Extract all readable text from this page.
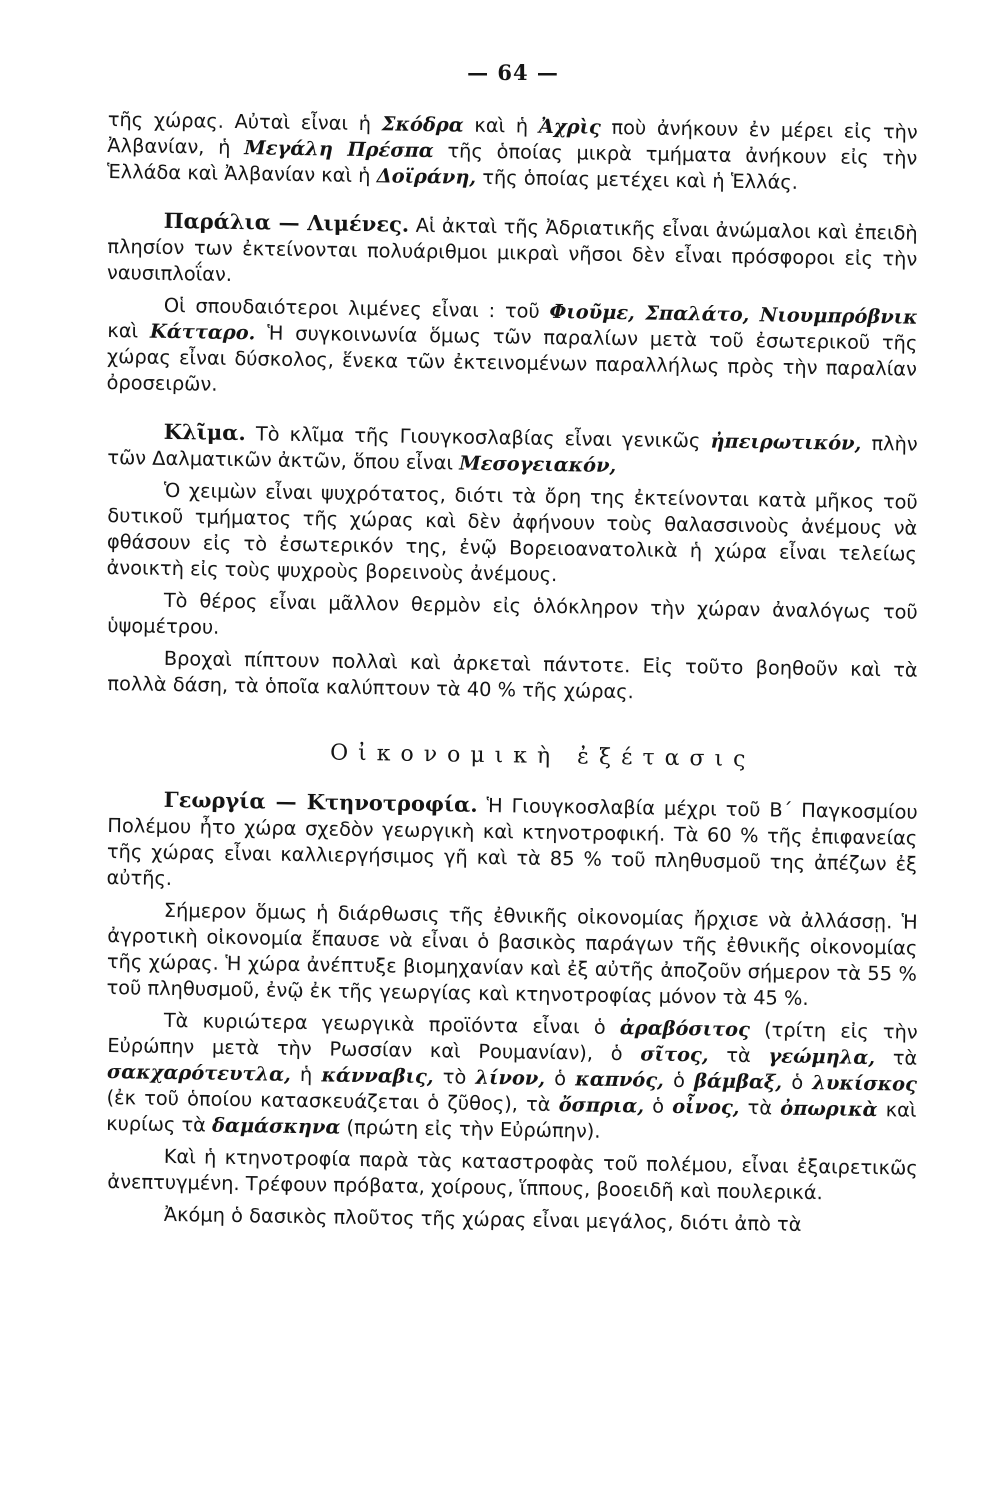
— 64 —

τῆς χώρας. Αὐταὶ εἶναι ἡ Σκόδρα καὶ ἡ Ἀχρὶς ποὺ ἀνήκουν ἐν μέρει εἰς τὴν Ἀλβανίαν, ἡ Μεγάλη Πρέσπα τῆς ὁποίας μικρὰ τμήματα ἀνήκουν εἰς τὴν Ἑλλάδα καὶ Ἀλβανίαν καὶ ἡ Δοϊράνη, τῆς ὁποίας μετέχει καὶ ἡ Ἑλλάς.

Παράλια — Λιμένες. Αἱ ἀκταὶ τῆς Ἀδριατικῆς εἶναι ἀνώμαλοι καὶ ἐπειδὴ πλησίον των ἐκτείνονται πολυάριθμοι μικραὶ νῆσοι δὲν εἶναι πρόσφοροι εἰς τὴν ναυσιπλοΐαν.

Οἱ σπουδαιότεροι λιμένες εἶναι : τοῦ Φιοῦμε, Σπαλάτο, Νιουμπρόβνικ καὶ Κάτταρο. Ἡ συγκοινωνία ὅμως τῶν παραλίων μετὰ τοῦ ἐσωτερικοῦ τῆς χώρας εἶναι δύσκολος, ἕνεκα τῶν ἐκτεινομένων παραλλήλως πρὸς τὴν παραλίαν ὀροσειρῶν.

Κλῖμα. Τὸ κλῖμα τῆς Γιουγκοσλαβίας εἶναι γενικῶς ἠπειρωτικόν, πλὴν τῶν Δαλματικῶν ἀκτῶν, ὅπου εἶναι Μεσογειακόν,

Ὁ χειμὼν εἶναι ψυχρότατος, διότι τὰ ὄρη της ἐκτείνονται κατὰ μῆκος τοῦ δυτικοῦ τμήματος τῆς χώρας καὶ δὲν ἀφήνουν τοὺς θαλασσινοὺς ἀνέμους νὰ φθάσουν εἰς τὸ ἐσωτερικόν της, ἐνῷ Βορειοανατολικὰ ἡ χώρα εἶναι τελείως ἀνοικτὴ εἰς τοὺς ψυχροὺς βορεινοὺς ἀνέμους.

Τὸ θέρος εἶναι μᾶλλον θερμὸν εἰς ὁλόκληρον τὴν χώραν ἀναλόγως τοῦ ὑψομέτρου.

Βροχαὶ πίπτουν πολλαὶ καὶ ἀρκεταὶ πάντοτε. Εἰς τοῦτο βοηθοῦν καὶ τὰ πολλὰ δάση, τὰ ὁποῖα καλύπτουν τὰ 40 % τῆς χώρας.

Οἰκονομικὴ ἐξέτασις

Γεωργία — Κτηνοτροφία. Ἡ Γιουγκοσλαβία μέχρι τοῦ Β΄ Παγκοσμίου Πολέμου ἦτο χώρα σχεδὸν γεωργικὴ καὶ κτηνοτροφική. Τὰ 60 % τῆς ἐπιφανείας τῆς χώρας εἶναι καλλιεργήσιμος γῆ καὶ τὰ 85 % τοῦ πληθυσμοῦ της ἀπέζων ἐξ αὐτῆς.

Σήμερον ὅμως ἡ διάρθωσις τῆς ἐθνικῆς οἰκονομίας ἤρχισε νὰ ἀλλάσσῃ. Ἡ ἀγροτικὴ οἰκονομία ἔπαυσε νὰ εἶναι ὁ βασικὸς παράγων τῆς ἐθνικῆς οἰκονομίας τῆς χώρας. Ἡ χώρα ἀνέπτυξε βιομηχανίαν καὶ ἐξ αὐτῆς ἀποζοῦν σήμερον τὰ 55 % τοῦ πληθυσμοῦ, ἐνῷ ἐκ τῆς γεωργίας καὶ κτηνοτροφίας μόνον τὰ 45 %.

Τὰ κυριώτερα γεωργικὰ προϊόντα εἶναι ὁ ἀραβόσιτος (τρίτη εἰς τὴν Εὐρώπην μετὰ τὴν Ρωσσίαν καὶ Ρουμανίαν), ὁ σῖτος, τὰ γεώμηλα, τὰ σακχαρότευτλα, ἡ κάνναβις, τὸ λίνον, ὁ καπνός, ὁ βάμβαξ, ὁ λυκίσκος (ἐκ τοῦ ὁποίου κατασκευάζεται ὁ ζῦθος), τὰ ὄσπρια, ὁ οἶνος, τὰ ὀπωρικὰ καὶ κυρίως τὰ δαμάσκηνα (πρώτη εἰς τὴν Εὐρώπην).

Καὶ ἡ κτηνοτροφία παρὰ τὰς καταστροφὰς τοῦ πολέμου, εἶναι ἐξαιρετικῶς ἀνεπτυγμένη. Τρέφουν πρόβατα, χοίρους, ἵππους, βοοειδῆ καὶ πουλερικά.

Ἀκόμη ὁ δασικὸς πλοῦτος τῆς χώρας εἶναι μεγάλος, διότι ἀπὸ τὰ
